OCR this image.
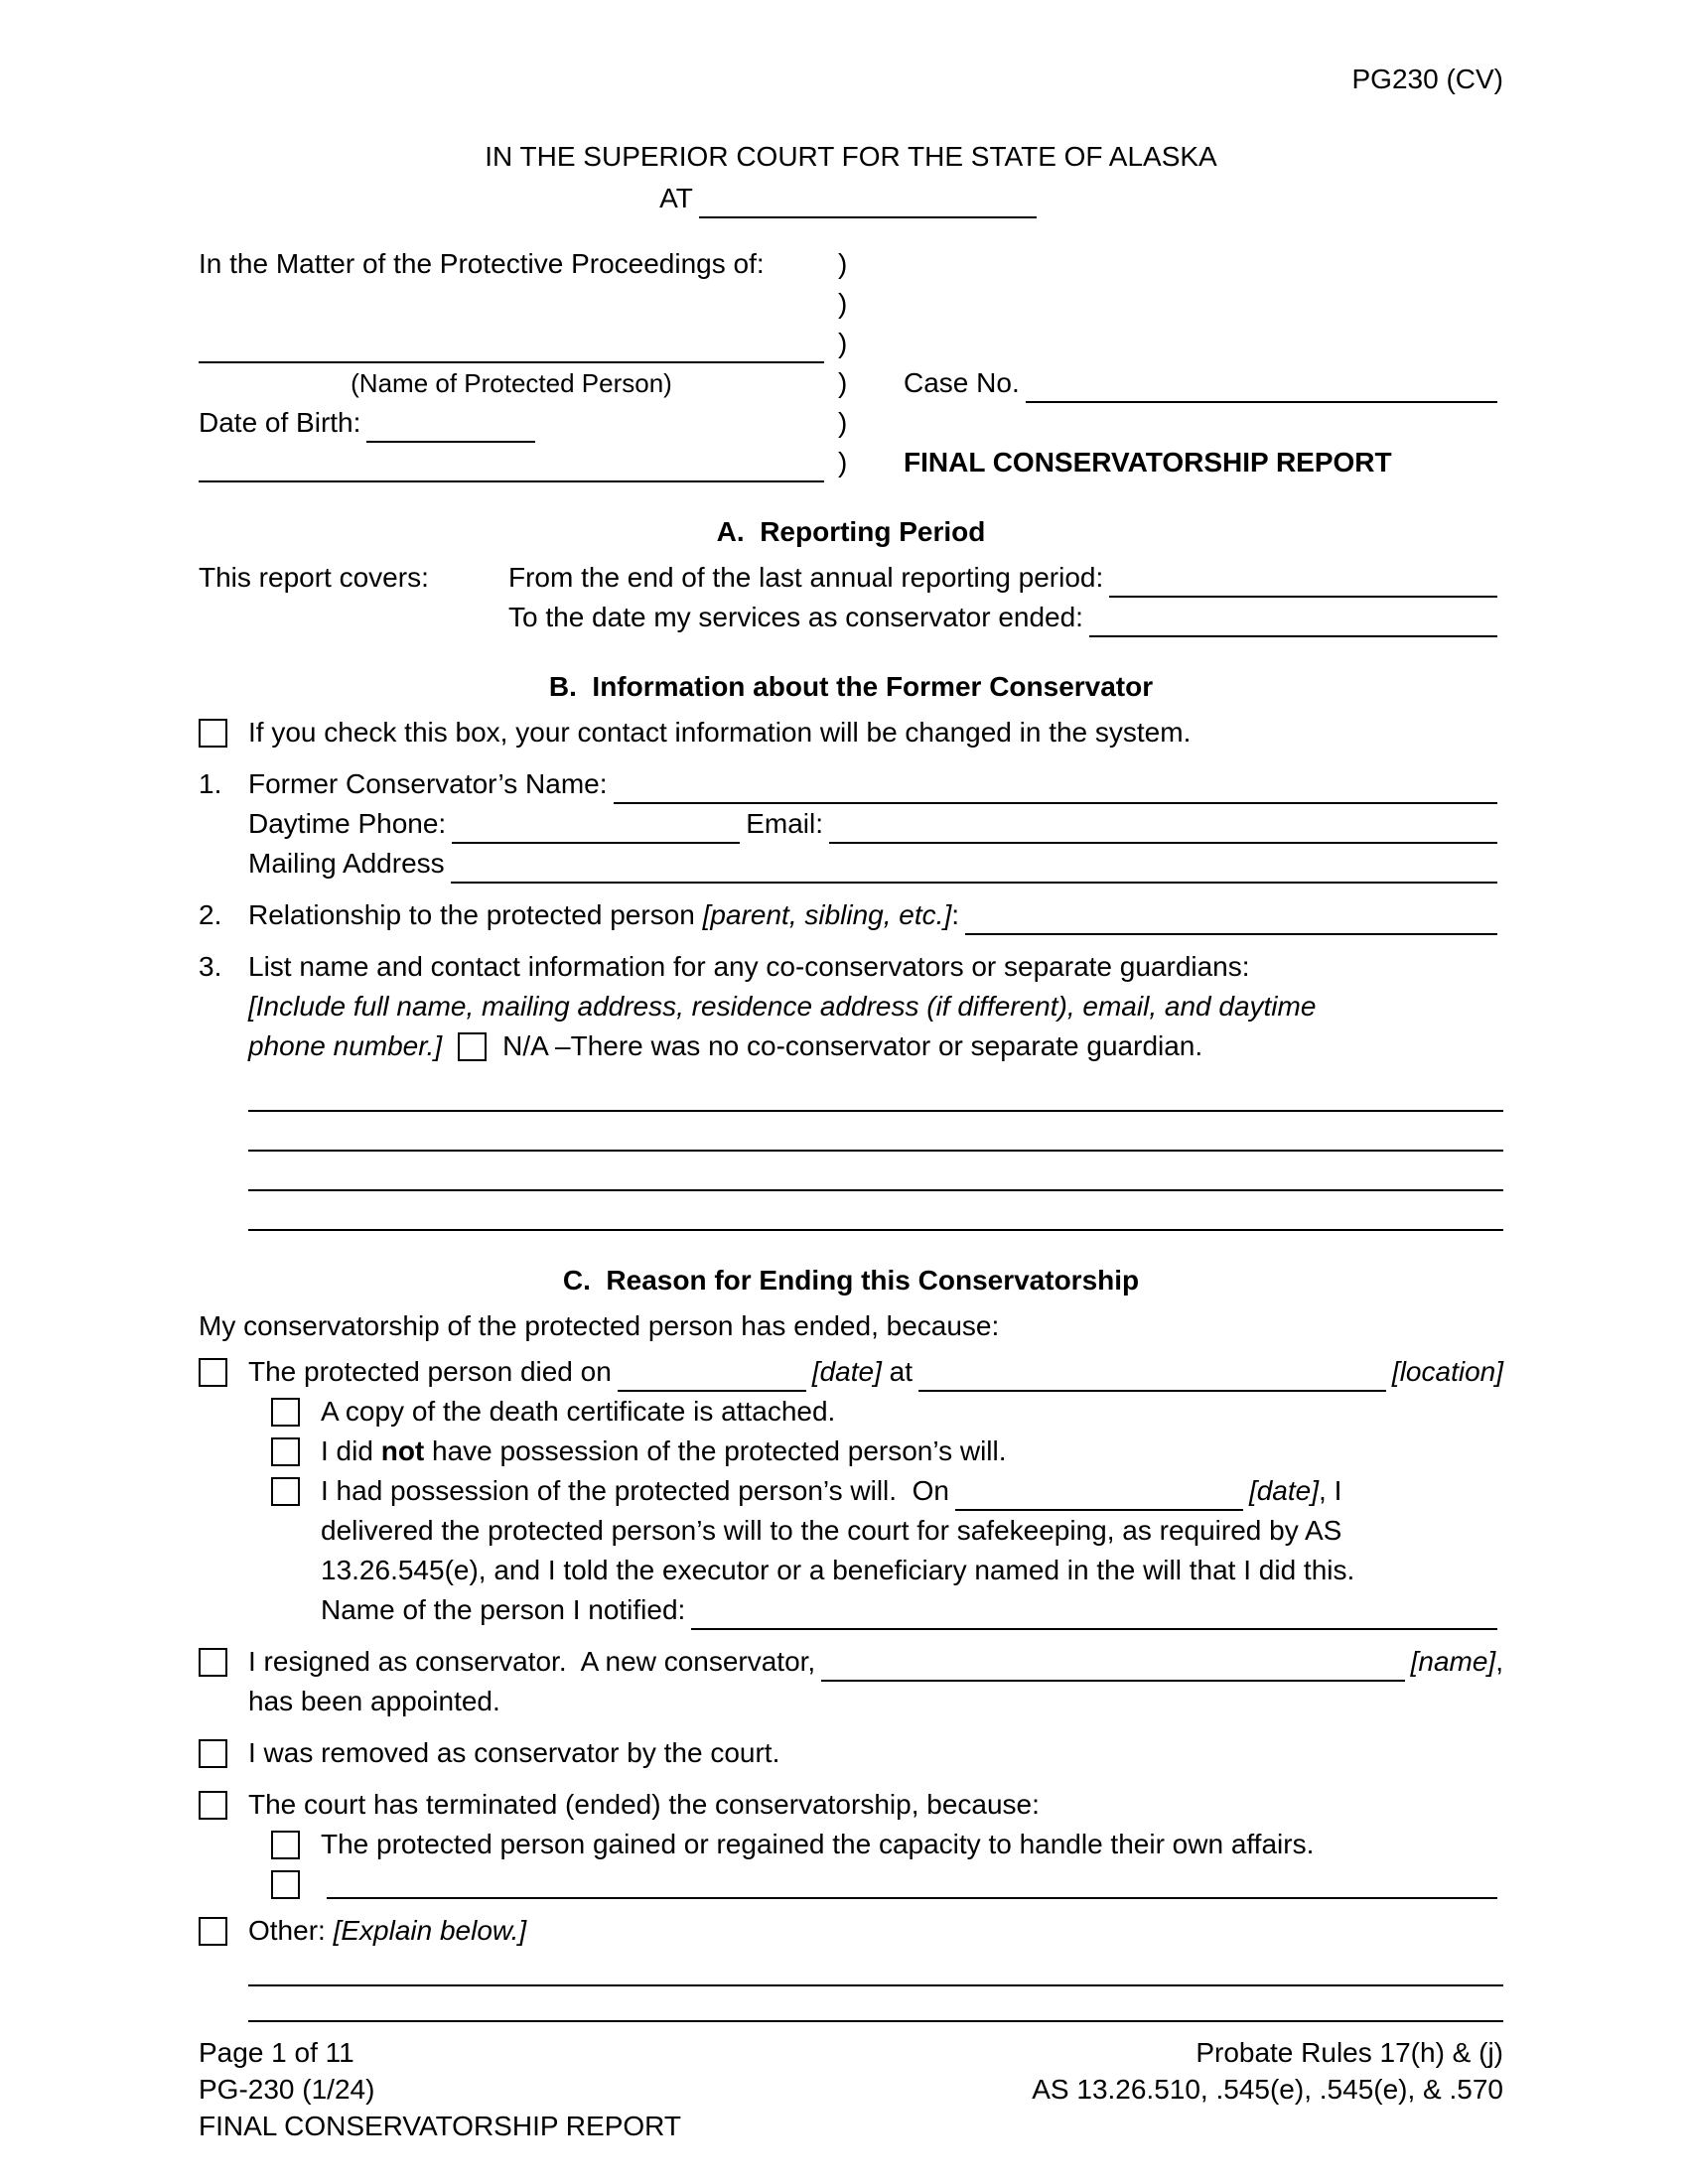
PG230 (CV)
IN THE SUPERIOR COURT FOR THE STATE OF ALASKA
AT
In the Matter of the Protective Proceedings of:
(Name of Protected Person)
Date of Birth:
)
)
)
)
)
)
Case No.
FINAL CONSERVATORSHIP REPORT
A.  Reporting Period
This report covers:	From the end of the last annual reporting period:
To the date my services as conservator ended:
B.  Information about the Former Conservator
If you check this box, your contact information will be changed in the system.
1. Former Conservator’s Name:
Daytime Phone:	Email:
Mailing Address
2. Relationship to the protected person [parent, sibling, etc.]:
3. List name and contact information for any co-conservators or separate guardians:
[Include full name, mailing address, residence address (if different), email, and daytime
phone number.] N/A –There was no co-conservator or separate guardian.
C.  Reason for Ending this Conservatorship
My conservatorship of the protected person has ended, because:
The protected person died on	[date] at	[location]
A copy of the death certificate is attached.
I did not have possession of the protected person’s will.
I had possession of the protected person’s will.  On	[date], I
delivered the protected person’s will to the court for safekeeping, as required by AS
13.26.545(e), and I told the executor or a beneficiary named in the will that I did this.
Name of the person I notified:
I resigned as conservator.  A new conservator,	[name],
has been appointed.
I was removed as conservator by the court.
The court has terminated (ended) the conservatorship, because:
The protected person gained or regained the capacity to handle their own affairs.
Other: [Explain below.]
Page 1 of 11
PG-230 (1/24)
FINAL CONSERVATORSHIP REPORT
Probate Rules 17(h) & (j)
AS 13.26.510, .545(e), .545(e), & .570
